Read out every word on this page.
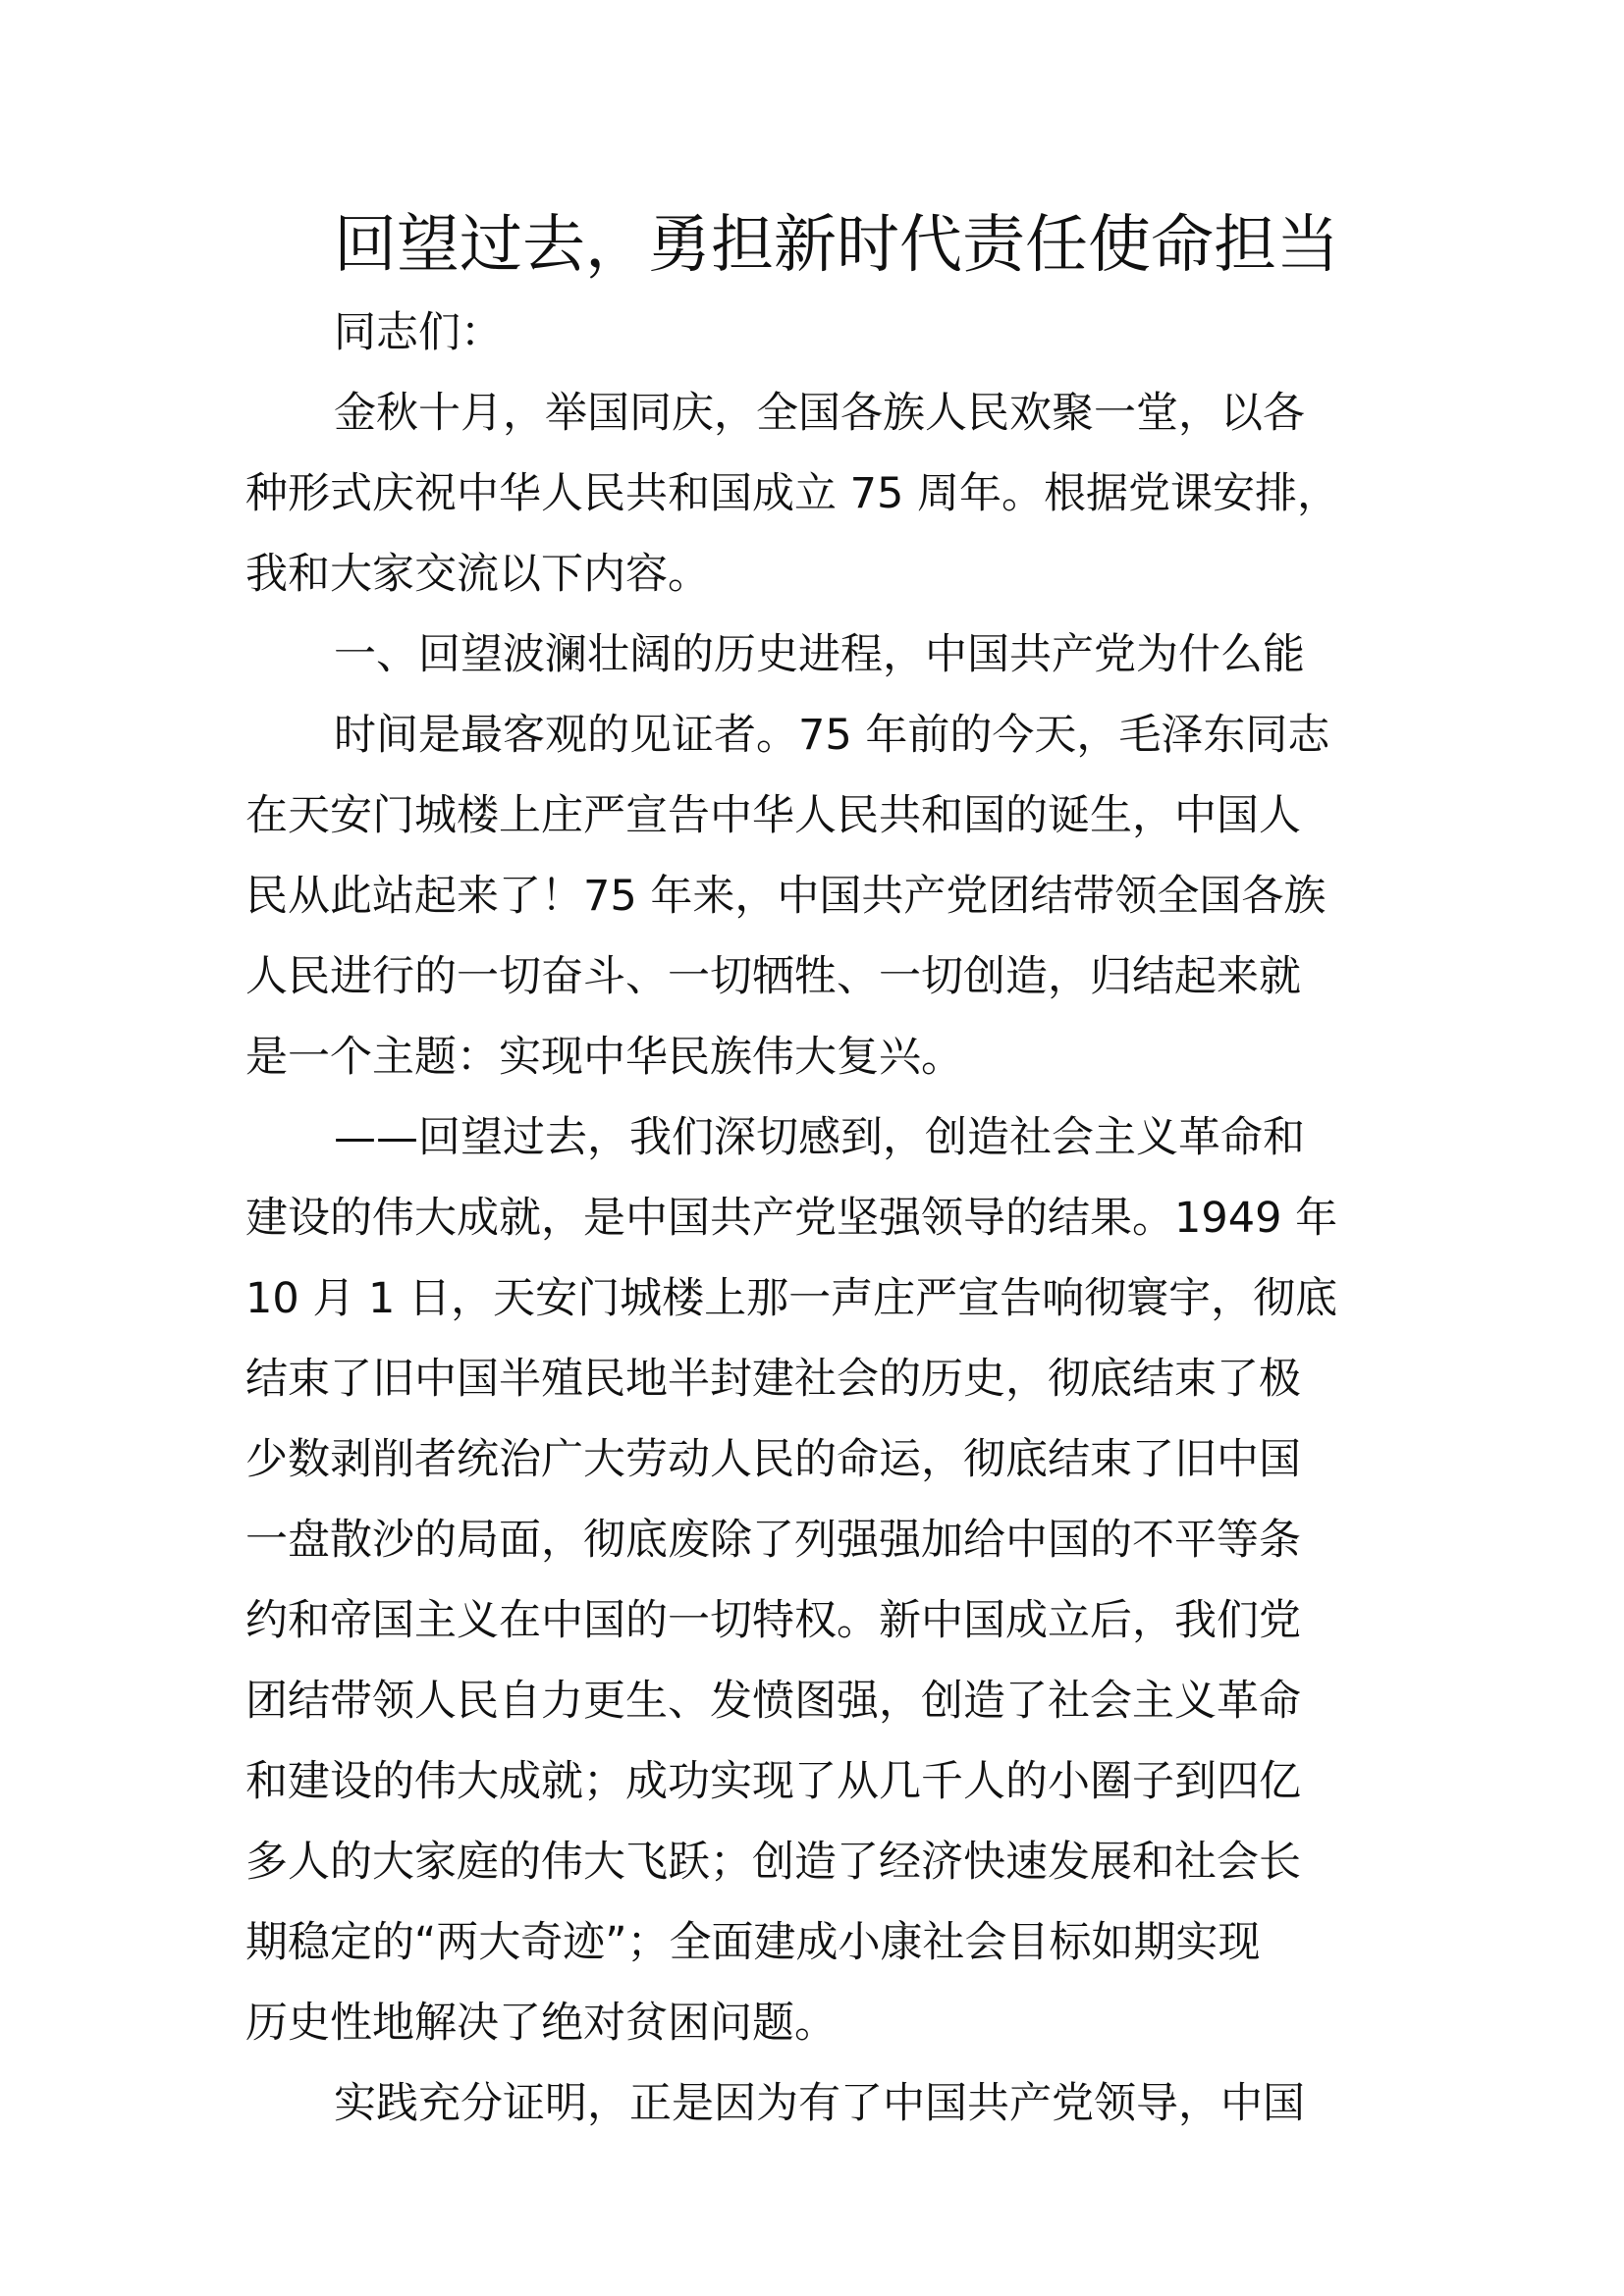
回望过去，勇担新时代责任使命担当
同志们：
金秋十月，举国同庆，全国各族人民欢聚一堂，以各
种形式庆祝中华人民共和国成立 75 周年。根据党课安排，
我和大家交流以下内容。
一、回望波澜壮阔的历史进程，中国共产党为什么能
时间是最客观的见证者。75 年前的今天，毛泽东同志
在天安门城楼上庄严宣告中华人民共和国的诞生，中国人
民从此站起来了！75 年来，中国共产党团结带领全国各族
人民进行的一切奋斗、一切牺牲、一切创造，归结起来就
是一个主题：实现中华民族伟大复兴。
——回望过去，我们深切感到，创造社会主义革命和
建设的伟大成就，是中国共产党坚强领导的结果。1949 年
10 月 1 日，天安门城楼上那一声庄严宣告响彻寰宇，彻底
结束了旧中国半殖民地半封建社会的历史，彻底结束了极
少数剥削者统治广大劳动人民的命运，彻底结束了旧中国
一盘散沙的局面，彻底废除了列强强加给中国的不平等条
约和帝国主义在中国的一切特权。新中国成立后，我们党
团结带领人民自力更生、发愤图强，创造了社会主义革命
和建设的伟大成就；成功实现了从几千人的小圈子到四亿
多人的大家庭的伟大飞跃；创造了经济快速发展和社会长
期稳定的“两大奇迹”；全面建成小康社会目标如期实现
历史性地解决了绝对贫困问题。
实践充分证明，正是因为有了中国共产党领导，中国
